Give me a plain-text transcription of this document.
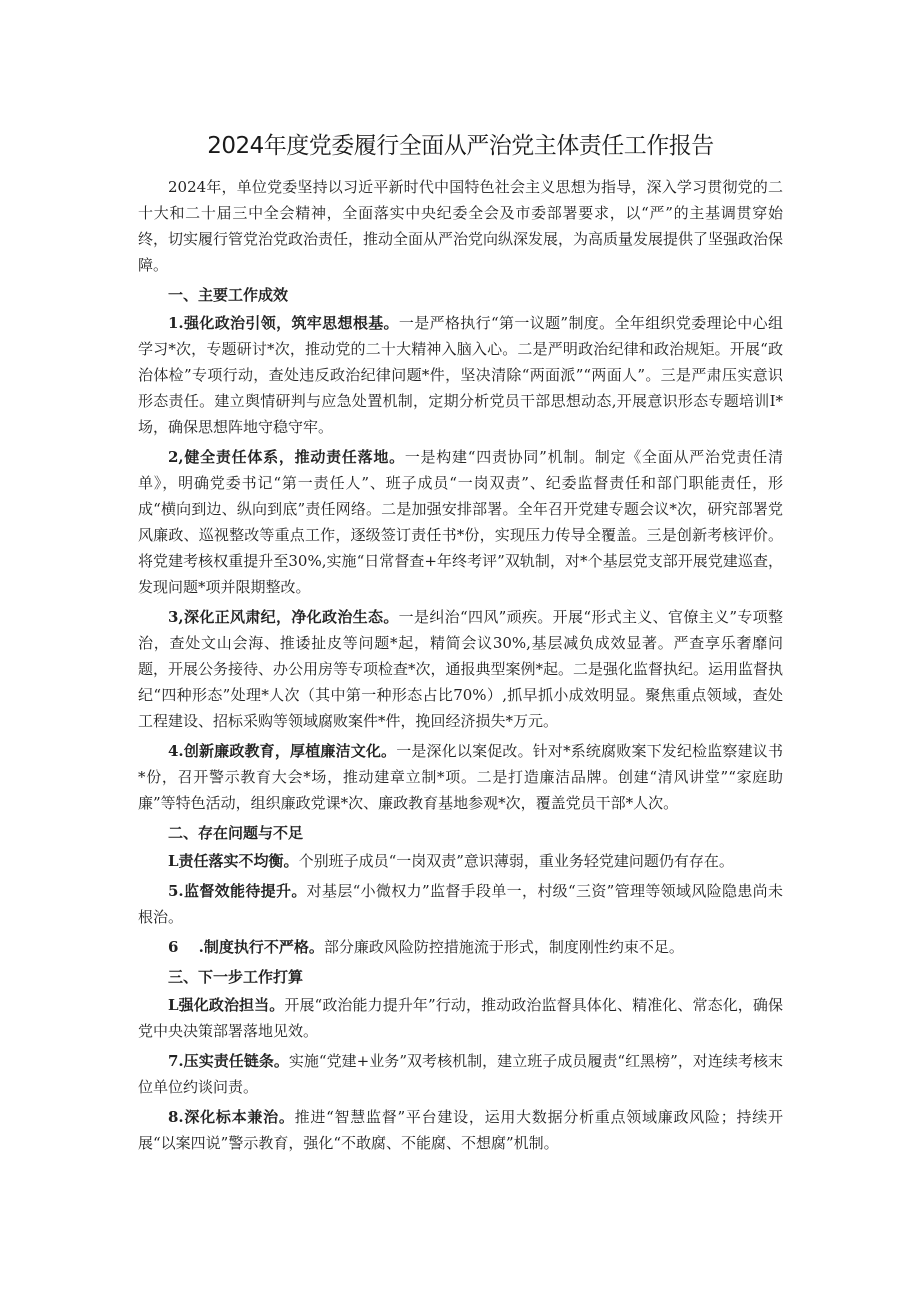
2024年度党委履行全面从严治党主体责任工作报告

2024年，单位党委坚持以习近平新时代中国特色社会主义思想为指导，深入学习贯彻党的二十大和二十届三中全会精神，全面落实中央纪委全会及市委部署要求，以“严”的主基调贯穿始终，切实履行管党治党政治责任，推动全面从严治党向纵深发展，为高质量发展提供了坚强政治保障。

一、主要工作成效

1.强化政治引领，筑牢思想根基。一是严格执行“第一议题”制度。全年组织党委理论中心组学习*次，专题研讨*次，推动党的二十大精神入脑入心。二是严明政治纪律和政治规矩。开展“政治体检”专项行动，查处违反政治纪律问题*件，坚决清除“两面派”“两面人”。三是严肃压实意识形态责任。建立舆情研判与应急处置机制，定期分析党员干部思想动态,开展意识形态专题培训I*场，确保思想阵地守稳守牢。

2,健全责任体系，推动责任落地。一是构建“四责协同”机制。制定《全面从严治党责任清单》，明确党委书记“第一责任人”、班子成员“一岗双责”、纪委监督责任和部门职能责任，形成“横向到边、纵向到底”责任网络。二是加强安排部署。全年召开党建专题会议*次，研究部署党风廉政、巡视整改等重点工作，逐级签订责任书*份，实现压力传导全覆盖。三是创新考核评价。将党建考核权重提升至30%,实施“日常督查+年终考评”双轨制，对*个基层党支部开展党建巡查，发现问题*项并限期整改。

3,深化正风肃纪，净化政治生态。一是纠治“四风”顽疾。开展“形式主义、官僚主义”专项整治，查处文山会海、推诿扯皮等问题*起，精简会议30%,基层减负成效显著。严查享乐奢靡问题，开展公务接待、办公用房等专项检查*次，通报典型案例*起。二是强化监督执纪。运用监督执纪“四种形态”处理*人次（其中第一种形态占比70%）,抓早抓小成效明显。聚焦重点领域，查处工程建设、招标采购等领域腐败案件*件，挽回经济损失*万元。

4.创新廉政教育，厚植廉洁文化。一是深化以案促改。针对*系统腐败案下发纪检监察建议书*份，召开警示教育大会*场，推动建章立制*项。二是打造廉洁品牌。创建“清风讲堂”“家庭助廉”等特色活动，组织廉政党课*次、廉政教育基地参观*次，覆盖党员干部*人次。

二、存在问题与不足

L责任落实不均衡。个别班子成员“一岗双责”意识薄弱，重业务轻党建问题仍有存在。

5.监督效能待提升。对基层“小微权力”监督手段单一，村级“三资”管理等领域风险隐患尚未根治。

6　 .制度执行不严格。部分廉政风险防控措施流于形式，制度刚性约束不足。

三、下一步工作打算

L强化政治担当。开展“政治能力提升年”行动，推动政治监督具体化、精准化、常态化，确保党中央决策部署落地见效。

7.压实责任链条。实施“党建+业务”双考核机制，建立班子成员履责“红黑榜”，对连续考核末位单位约谈问责。

8.深化标本兼治。推进“智慧监督”平台建设，运用大数据分析重点领域廉政风险；持续开展“以案四说”警示教育，强化“不敢腐、不能腐、不想腐”机制。
